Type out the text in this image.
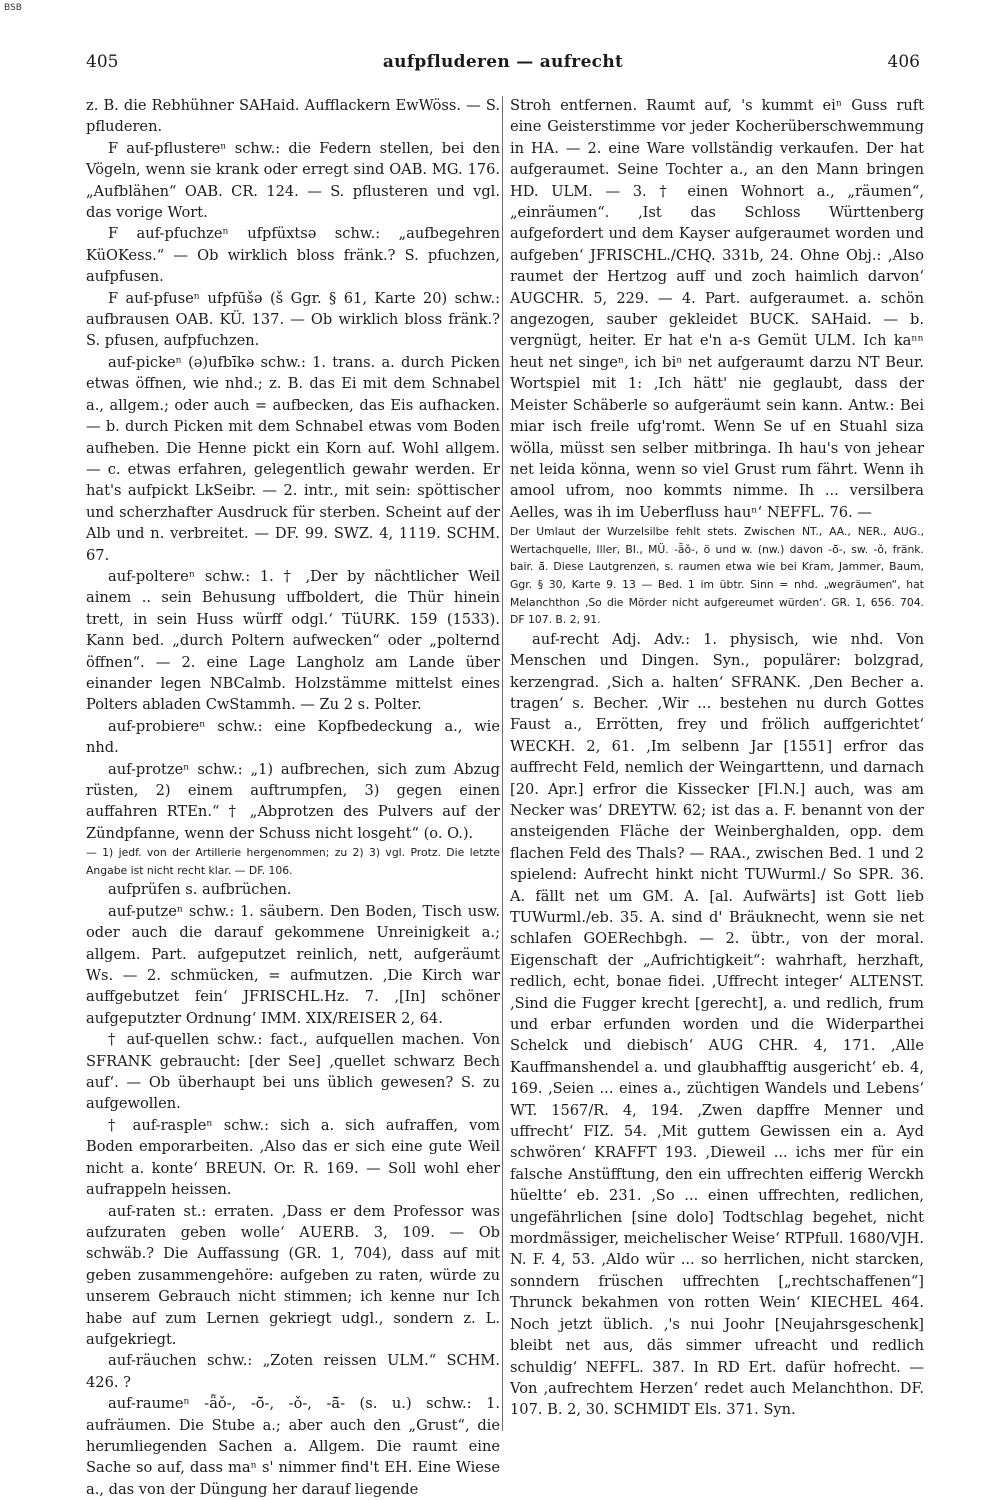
BSB
405	aufpfluderen — aufrecht	406

z. B. die Rebhühner SAHaid. Aufflackern EwWöss. — S. pfluderen.

F auf-pflustereⁿ schw.: die Federn stellen, bei den Vögeln, wenn sie krank oder erregt sind OAB. MG. 176. „Aufblähen“ OAB. CR. 124. — S. pflusteren und vgl. das vorige Wort.

F auf-pfuchzeⁿ ufpfüxtsə schw.: „aufbegehren KüOKess.“ — Ob wirklich bloss fränk.? S. pfuchzen, aufpfusen.

F auf-pfuseⁿ ufpfūšə (š Ggr. § 61, Karte 20) schw.: aufbrausen OAB. KÜ. 137. — Ob wirklich bloss fränk.? S. pfusen, aufpfuchzen.

auf-pickeⁿ (ə)ufbīkə schw.: 1. trans. a. durch Picken etwas öffnen, wie nhd.; z. B. das Ei mit dem Schnabel a., allgem.; oder auch = aufbecken, das Eis aufhacken. — b. durch Picken mit dem Schnabel etwas vom Boden aufheben. Die Henne pickt ein Korn auf. Wohl allgem. — c. etwas erfahren, gelegentlich gewahr werden. Er hat's aufpickt LkSeibr. — 2. intr., mit sein: spöttischer und scherzhafter Ausdruck für sterben. Scheint auf der Alb und n. verbreitet. — DF. 99. SWZ. 4, 1119. SCHM. 67.

auf-poltereⁿ schw.: 1. † ‚Der by nächtlicher Weil ainem .. sein Behusung uffboldert, die Thür hinein trett, in sein Huss würff odgl.‘ TüURK. 159 (1533). Kann bed. „durch Poltern aufwecken“ oder „polternd öffnen“. — 2. eine Lage Langholz am Lande über einander legen NBCalmb. Holzstämme mittelst eines Polters abladen CwStammh. — Zu 2 s. Polter.

auf-probiereⁿ schw.: eine Kopfbedeckung a., wie nhd.

auf-protzeⁿ schw.: „1) aufbrechen, sich zum Abzug rüsten, 2) einem auftrumpfen, 3) gegen einen auffahren RTEn.“ † „Abprotzen des Pulvers auf der Zündpfanne, wenn der Schuss nicht losgeht“ (o. O.).

— 1) jedf. von der Artillerie hergenommen; zu 2) 3) vgl. Protz. Die letzte Angabe ist nicht recht klar. — DF. 106.

aufprüfen s. aufbrüchen.

auf-putzeⁿ schw.: 1. säubern. Den Boden, Tisch usw. oder auch die darauf gekommene Unreinigkeit a.; allgem. Part. aufgeputzet reinlich, nett, aufgeräumt Ws. — 2. schmücken, = aufmutzen. ‚Die Kirch war auffgebutzet fein‘ JFRISCHL.Hz. 7. ‚[In] schöner aufgeputzter Ordnung‘ IMM. XIX/REISER 2, 64.

† auf-quellen schw.: fact., aufquellen machen. Von SFRANK gebraucht: [der See] ‚quellet schwarz Bech auf‘. — Ob überhaupt bei uns üblich gewesen? S. zu aufgewollen.

† auf-raspleⁿ schw.: sich a. sich aufraffen, vom Boden emporarbeiten. ‚Also das er sich eine gute Weil nicht a. konte‘ BREUN. Or. R. 169. — Soll wohl eher aufrappeln heissen.

auf-raten st.: erraten. ‚Dass er dem Professor was aufzuraten geben wolle‘ AUERB. 3, 109. — Ob schwäb.? Die Auffassung (GR. 1, 704), dass auf mit geben zusammengehöre: aufgeben zu raten, würde zu unserem Gebrauch nicht stimmen; ich kenne nur Ich habe auf zum Lernen gekriegt udgl., sondern z. L. aufgekriegt.

auf-räuchen schw.: „Zoten reissen ULM.“ SCHM. 426. ?

auf-raumeⁿ -ǟǒ-, -ō̆-, -ǒ-, -ā̆- (s. u.) schw.: 1. aufräumen. Die Stube a.; aber auch den „Grust“, die herumliegenden Sachen a. Allgem. Die raumt eine Sache so auf, dass maⁿ s' nimmer find't EH. Eine Wiese a., das von der Düngung her darauf liegende

Stroh entfernen. Raumt auf, 's kummt eiⁿ Guss ruft eine Geisterstimme vor jeder Kocherüberschwemmung in HA. — 2. eine Ware vollständig verkaufen. Der hat aufgeraumet. Seine Tochter a., an den Mann bringen HD. ULM. — 3. † einen Wohnort a., „räumen“, „einräumen“. ‚Ist das Schloss Württenberg aufgefordert und dem Kayser aufgeraumet worden und aufgeben‘ JFRISCHL./CHQ. 331b, 24. Ohne Obj.: ‚Also raumet der Hertzog auff und zoch haimlich darvon‘ AUGCHR. 5, 229. — 4. Part. aufgeraumet. a. schön angezogen, sauber gekleidet BUCK. SAHaid. — b. vergnügt, heiter. Er hat e'n a-s Gemüt ULM. Ich kaⁿⁿ heut net singeⁿ, ich biⁿ net aufgeraumt darzu NT Beur. Wortspiel mit 1: ‚Ich hätt' nie geglaubt, dass der Meister Schäberle so aufgeräumt sein kann. Antw.: Bei miar isch freile ufg'romt. Wenn Se uf en Stuahl siza wölla, müsst sen selber mitbringa. Ih hau's von jehear net leida könna, wenn so viel Grust rum fährt. Wenn ih amool ufrom, noo kommts nimme. Ih ... versilbera Aelles, was ih im Ueberfluss hauⁿ‘ NEFFL. 76. —

Der Umlaut der Wurzelsilbe fehlt stets. Zwischen NT., AA., NER., AUG., Wertachquelle, Iller, BI., MÜ. -ǟǒ-, ö und w. (nw.) davon -ō̆-, sw. -ǒ, fränk. bair. ā̆. Diese Lautgrenzen, s. raumen etwa wie bei Kram, Jammer, Baum, Ggr. § 30, Karte 9. 13 — Bed. 1 im übtr. Sinn = nhd. „wegräumen“, hat Melanchthon ‚So die Mörder nicht aufgereumet würden‘. GR. 1, 656. 704. DF 107. B. 2, 91.

auf-recht Adj. Adv.: 1. physisch, wie nhd. Von Menschen und Dingen. Syn., populärer: bolzgrad, kerzengrad. ‚Sich a. halten‘ SFRANK. ‚Den Becher a. tragen‘ s. Becher. ‚Wir ... bestehen nu durch Gottes Faust a., Errötten, frey und frölich auffgerichtet‘ WECKH. 2, 61. ‚Im selbenn Jar [1551] erfror das auffrecht Feld, nemlich der Weingarttenn, und darnach [20. Apr.] erfror die Kissecker [Fl.N.] auch, was am Necker was‘ DREYTW. 62; ist das a. F. benannt von der ansteigenden Fläche der Weinberghalden, opp. dem flachen Feld des Thals? — RAA., zwischen Bed. 1 und 2 spielend: Aufrecht hinkt nicht TUWurml./ So SPR. 36. A. fällt net um GM. A. [al. Aufwärts] ist Gott lieb TUWurml./eb. 35. A. sind d' Bräuknecht, wenn sie net schlafen GOERechbgh. — 2. übtr., von der moral. Eigenschaft der „Aufrichtigkeit“: wahrhaft, herzhaft, redlich, echt, bonae fidei. ‚Uffrecht integer‘ ALTENST. ‚Sind die Fugger krecht [gerecht], a. und redlich, frum und erbar erfunden worden und die Widerparthei Schelck und diebisch‘ AUG CHR. 4, 171. ‚Alle Kauffmanshendel a. und glaubhafftig ausgericht‘ eb. 4, 169. ‚Seien ... eines a., züchtigen Wandels und Lebens‘ WT. 1567/R. 4, 194. ‚Zwen dapffre Menner und uffrecht‘ FIZ. 54. ‚Mit guttem Gewissen ein a. Ayd schwören‘ KRAFFT 193. ‚Dieweil ... ichs mer für ein falsche Anstüfftung, den ein uffrechten eifferig Werckh hüeltte‘ eb. 231. ‚So ... einen uffrechten, redlichen, ungefährlichen [sine dolo] Todtschlag begehet, nicht mordmässiger, meichelischer Weise‘ RTPfull. 1680/VJH. N. F. 4, 53. ‚Aldo wür ... so herrlichen, nicht starcken, sonndern früschen uffrechten [„rechtschaffenen“] Thrunck bekahmen von rotten Wein‘ KIECHEL 464. Noch jetzt üblich. ‚'s nui Joohr [Neujahrsgeschenk] bleibt net aus, däs simmer ufreacht und redlich schuldig‘ NEFFL. 387. In RD Ert. dafür hofrecht. — Von ‚aufrechtem Herzen‘ redet auch Melanchthon. DF. 107. B. 2, 30. SCHMIDT Els. 371. Syn.
